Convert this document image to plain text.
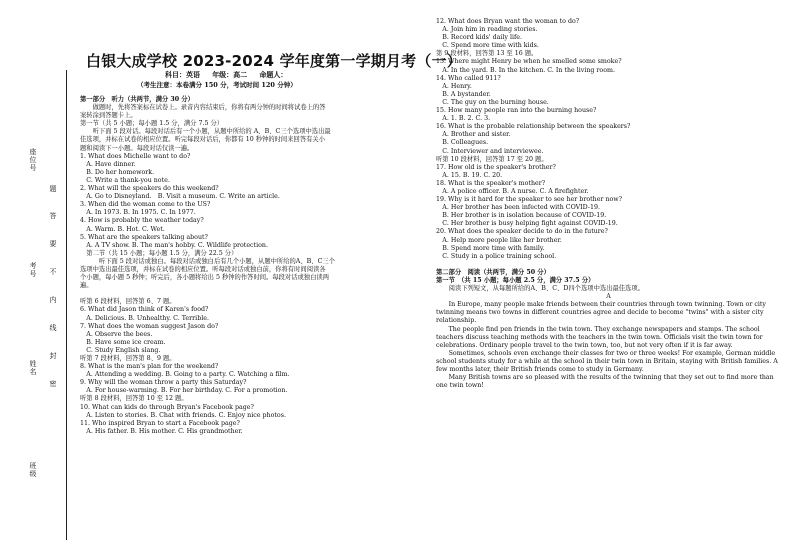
座位号
题
答
要
不
内
线
封
密
考号
姓名
班级
白银大成学校 2023-2024 学年度第一学期月考（一）
科目：英语 年级：高二 命题人：
（考生注意：本卷满分 150 分，考试时间 120 分钟）

第一部分　听力（共两节，满分 30 分）

　　做题时，先将答案标在试卷上。录音内容结束后，你将有两分钟的时间将试卷上的答

案转涂到答题卡上。

第一节（共 5 小题；每小题 1.5 分，满分 7.5 分）

　　听下面 5 段对话。每段对话后有一个小题，从题中所给的 A、B、C三个选项中选出最

佳选项，并标在试卷的相应位置。听完每段对话后，你都有 10 秒钟的时间来回答有关小

题和阅读下一小题。每段对话仅读一遍。

1. What does Michelle want to do?

　A. Have dinner.

　B. Do her homework.

　C. Write a thank-you note.

2. What will the speakers do this weekend?

　A. Go to Disneyland.　B. Visit a museum. C. Write an article.

3. When did the woman come to the US?

　A. In 1973. B. In 1975. C. In 1977.

4. How is probably the weather today?

　A. Warm. B. Hot. C. Wet.

5. What are the speakers talking about?

　A. A TV show. B. The man's hobby. C. Wildlife protection.

　第二节（共 15 小题；每小题 1.5 分，满分 22.5 分）

　　　听下面 5 段对话或独白。每段对话或独白后有几个小题，从题中所给的A、B、C三个

选项中选出最佳选项，并标在试卷的相应位置。听每段对话或独白前，你将有时间阅读各

个小题，每小题 5 秒钟；听完后，各小题将给出 5 秒钟的作答时间。每段对话或独白读两

遍。

听第 6 段材料，回答第 6、7 题。

6. What did Jason think of Karen's food?

　A. Delicious. B. Unhealthy. C. Terrible.

7. What does the woman suggest Jason do?

　A. Observe the bees.

　B. Have some ice cream.

　C. Study English slang.

听第 7 段材料，回答第 8、9 题。

8. What is the man's plan for the weekend?

　A. Attending a wedding. B. Going to a party. C. Watching a film.

9. Why will the woman throw a party this Saturday?

　A. For house-warming. B. For her birthday. C. For a promotion.

听第 8 段材料，回答第 10 至 12 题。

10. What can kids do through Bryan's Facebook page?

　A. Listen to stories. B. Chat with friends. C. Enjoy nice photos.

11. Who inspired Bryan to start a Facebook page?

　A. His father. B. His mother. C. His grandmother.

12. What does Bryan want the woman to do?

　A. Join him in reading stories.

　B. Record kids' daily life.

　C. Spend more time with kids.

第 9 段材料，回答第 13 至 16 题。

13. Where might Henry be when he smelled some smoke?

　A. In the yard. B. In the kitchen. C. In the living room.

14. Who called 911?

　A. Henry.

　B. A bystander.

　C. The guy on the burning house.

15. How many people ran into the burning house?

　A. 1. B. 2. C. 3.

16. What is the probable relationship between the speakers?

　A. Brother and sister.

　B. Colleagues.

　C. Interviewer and interviewee.

听第 10 段材料，回答第 17 至 20 题。

17. How old is the speaker's brother?

　A. 15. B. 19. C. 20.

18. What is the speaker's mother?

　A. A police officer. B. A nurse. C. A firefighter.

19. Why is it hard for the speaker to see her brother now?

　A. Her brother has been infected with COVID-19.

　B. Her brother is in isolation because of COVID-19.

　C. Her brother is busy helping fight against COVID-19.

20. What does the speaker decide to do in the future?

　A. Help more people like her brother.

　B. Spend more time with family.

　C. Study in a police training school.

第二部分　阅读（共两节，满分 50 分）

第一节　（共 15 小题；每小题 2.5 分，满分 37.5 分）

　　阅读下列短文，从每题所给的A、B、C、D四个选项中选出最佳选项。

A

　　In Europe, many people make friends between their countries through town twinning. Town or city twinning means two towns in different countries agree and decide to become "twins" with a sister city relationship.

　　The people find pen friends in the twin town. They exchange newspapers and stamps. The school teachers discuss teaching methods with the teachers in the twin town. Officials visit the twin town for celebrations. Ordinary people travel to the twin town, too, but not very often if it is far away.

　　Sometimes, schools even exchange their classes for two or three weeks! For example, German middle school students study for a while at the school in their twin town in Britain, staying with British families. A few months later, their British friends come to study in Germany.

　　Many British towns are so pleased with the results of the twinning that they set out to find more than one twin town!
